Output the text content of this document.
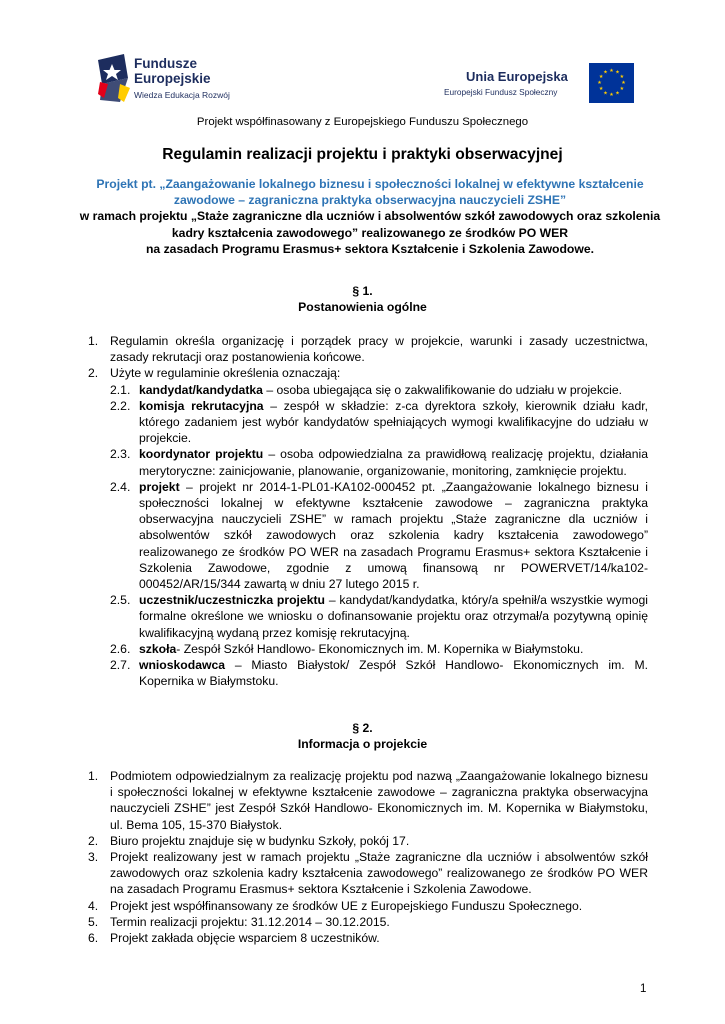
Fundusze
Europejskie
Wiedza Edukacja Rozwój
Unia Europejska
Europejski Fundusz Społeczny
★ ★
★
★
★
★
★
★
★
★
★
★
Projekt współfinasowany z Europejskiego Funduszu Społecznego
Regulamin realizacji projektu i praktyki obserwacyjnej
Projekt pt. „Zaangażowanie lokalnego biznesu i społeczności lokalnej w efektywne kształcenie
zawodowe – zagraniczna praktyka obserwacyjna nauczycieli ZSHE”
w ramach projektu „Staże zagraniczne dla uczniów i absolwentów szkół zawodowych oraz szkolenia
kadry kształcenia zawodowego” realizowanego ze środków PO WER
na zasadach Programu Erasmus+ sektora Kształcenie i Szkolenia Zawodowe.
§ 1.
Postanowienia ogólne
1. Regulamin określa organizację i porządek pracy w projekcie, warunki i zasady uczestnictwa, zasady rekrutacji oraz postanowienia końcowe.
2. Użyte w regulaminie określenia oznaczają:
2.1. kandydat/kandydatka – osoba ubiegająca się o zakwalifikowanie do udziału w projekcie.
2.2. komisja rekrutacyjna – zespół w składzie: z-ca dyrektora szkoły, kierownik działu kadr, którego zadaniem jest wybór kandydatów spełniających wymogi kwalifikacyjne do udziału w projekcie.
2.3. koordynator projektu – osoba odpowiedzialna za prawidłową realizację projektu, działania merytoryczne: zainicjowanie, planowanie, organizowanie, monitoring, zamknięcie projektu.
2.4. projekt – projekt nr 2014-1-PL01-KA102-000452 pt. „Zaangażowanie lokalnego biznesu i społeczności lokalnej w efektywne kształcenie zawodowe – zagraniczna praktyka obserwacyjna nauczycieli ZSHE” w ramach projektu „Staże zagraniczne dla uczniów i absolwentów szkół zawodowych oraz szkolenia kadry kształcenia zawodowego” realizowanego ze środków PO WER na zasadach Programu Erasmus+ sektora Kształcenie i Szkolenia Zawodowe, zgodnie z umową finansową nr POWERVET/14/ka102-000452/AR/15/344 zawartą w dniu 27 lutego 2015 r.
2.5. uczestnik/uczestniczka projektu – kandydat/kandydatka, który/a spełnił/a wszystkie wymogi formalne określone we wniosku o dofinansowanie projektu oraz otrzymał/a pozytywną opinię kwalifikacyjną wydaną przez komisję rekrutacyjną.
2.6. szkoła- Zespół Szkół Handlowo- Ekonomicznych im. M. Kopernika w Białymstoku.
2.7. wnioskodawca – Miasto Białystok/ Zespół Szkół Handlowo- Ekonomicznych im. M. Kopernika w Białymstoku.
§ 2.
Informacja o projekcie
1. Podmiotem odpowiedzialnym za realizację projektu pod nazwą „Zaangażowanie lokalnego biznesu i społeczności lokalnej w efektywne kształcenie zawodowe – zagraniczna praktyka obserwacyjna nauczycieli ZSHE” jest Zespół Szkół Handlowo- Ekonomicznych im. M. Kopernika w Białymstoku, ul. Bema 105, 15-370 Białystok.
2. Biuro projektu znajduje się w budynku Szkoły, pokój 17.
3. Projekt realizowany jest w ramach projektu „Staże zagraniczne dla uczniów i absolwentów szkół zawodowych oraz szkolenia kadry kształcenia zawodowego” realizowanego ze środków PO WER na zasadach Programu Erasmus+ sektora Kształcenie i Szkolenia Zawodowe.
4. Projekt jest współfinansowany ze środków UE z Europejskiego Funduszu Społecznego.
5. Termin realizacji projektu: 31.12.2014 – 30.12.2015.
6. Projekt zakłada objęcie wsparciem 8 uczestników.
1
